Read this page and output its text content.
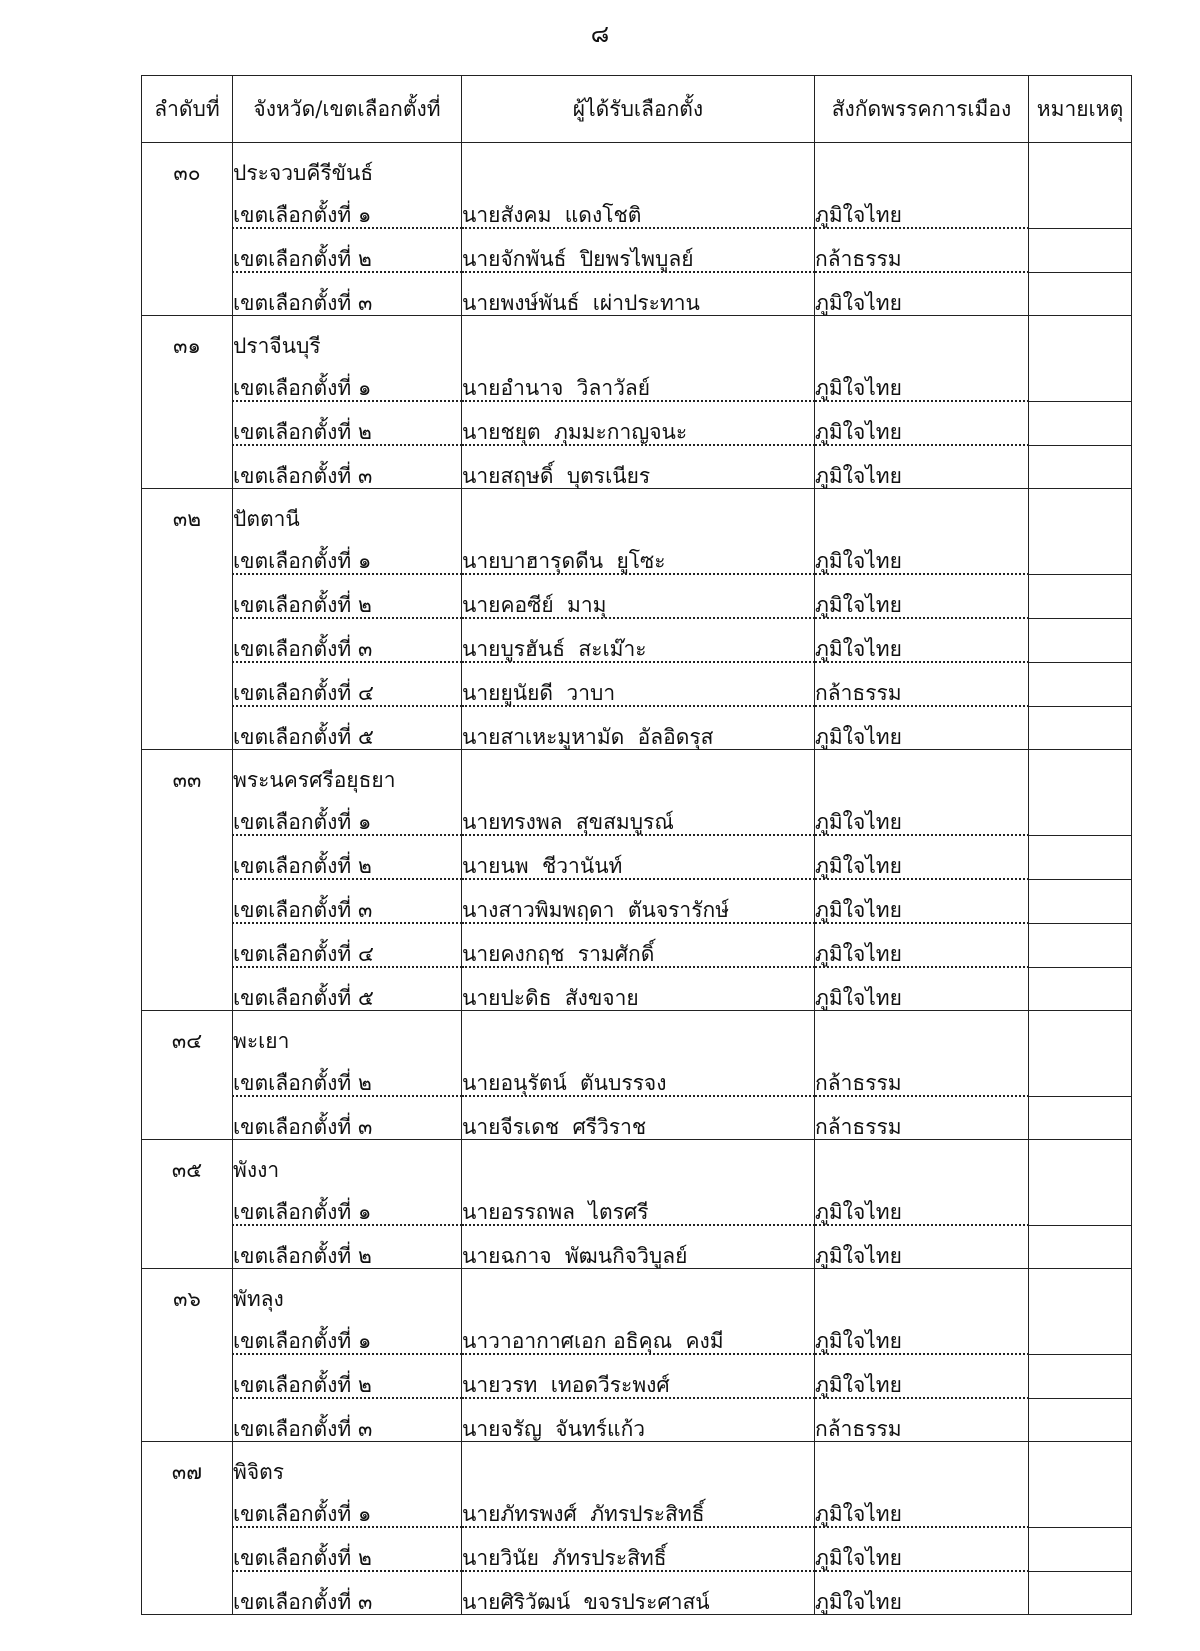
๘
ลำดับที่	จังหวัด/เขตเลือกตั้งที่	ผู้ได้รับเลือกตั้ง	สังกัดพรรคการเมือง	หมายเหตุ
๓๐	ประจวบคีรีขันธ์			
	เขตเลือกตั้งที่ ๑	นายสังคม  แดงโชติ	ภูมิใจไทย	
	เขตเลือกตั้งที่ ๒	นายจักพันธ์  ปิยพรไพบูลย์	กล้าธรรม	
	เขตเลือกตั้งที่ ๓	นายพงษ์พันธ์  เผ่าประทาน	ภูมิใจไทย	
๓๑	ปราจีนบุรี			
	เขตเลือกตั้งที่ ๑	นายอำนาจ  วิลาวัลย์	ภูมิใจไทย	
	เขตเลือกตั้งที่ ๒	นายชยุต  ภุมมะกาญจนะ	ภูมิใจไทย	
	เขตเลือกตั้งที่ ๓	นายสฤษดิ์  บุตรเนียร	ภูมิใจไทย	
๓๒	ปัตตานี			
	เขตเลือกตั้งที่ ๑	นายบาฮารุดดีน  ยูโซะ	ภูมิใจไทย	
	เขตเลือกตั้งที่ ๒	นายคอซีย์  มามุ	ภูมิใจไทย	
	เขตเลือกตั้งที่ ๓	นายบูรฮันธ์  สะเม๊าะ	ภูมิใจไทย	
	เขตเลือกตั้งที่ ๔	นายยูนัยดี  วาบา	กล้าธรรม	
	เขตเลือกตั้งที่ ๕	นายสาเหะมูหามัด  อัลอิดรุส	ภูมิใจไทย	
๓๓	พระนครศรีอยุธยา			
	เขตเลือกตั้งที่ ๑	นายทรงพล  สุขสมบูรณ์	ภูมิใจไทย	
	เขตเลือกตั้งที่ ๒	นายนพ  ชีวานันท์	ภูมิใจไทย	
	เขตเลือกตั้งที่ ๓	นางสาวพิมพฤดา  ตันจรารักษ์	ภูมิใจไทย	
	เขตเลือกตั้งที่ ๔	นายคงกฤช  รามศักดิ์	ภูมิใจไทย	
	เขตเลือกตั้งที่ ๕	นายปะดิธ  สังขจาย	ภูมิใจไทย	
๓๔	พะเยา			
	เขตเลือกตั้งที่ ๒	นายอนุรัตน์  ตันบรรจง	กล้าธรรม	
	เขตเลือกตั้งที่ ๓	นายจีรเดช  ศรีวิราช	กล้าธรรม	
๓๕	พังงา			
	เขตเลือกตั้งที่ ๑	นายอรรถพล  ไตรศรี	ภูมิใจไทย	
	เขตเลือกตั้งที่ ๒	นายฉกาจ  พัฒนกิจวิบูลย์	ภูมิใจไทย	
๓๖	พัทลุง			
	เขตเลือกตั้งที่ ๑	นาวาอากาศเอก อธิคุณ  คงมี	ภูมิใจไทย	
	เขตเลือกตั้งที่ ๒	นายวรท  เทอดวีระพงศ์	ภูมิใจไทย	
	เขตเลือกตั้งที่ ๓	นายจรัญ  จันทร์แก้ว	กล้าธรรม	
๓๗	พิจิตร			
	เขตเลือกตั้งที่ ๑	นายภัทรพงศ์  ภัทรประสิทธิ์	ภูมิใจไทย	
	เขตเลือกตั้งที่ ๒	นายวินัย  ภัทรประสิทธิ์	ภูมิใจไทย	
	เขตเลือกตั้งที่ ๓	นายศิริวัฒน์  ขจรประศาสน์	ภูมิใจไทย	
